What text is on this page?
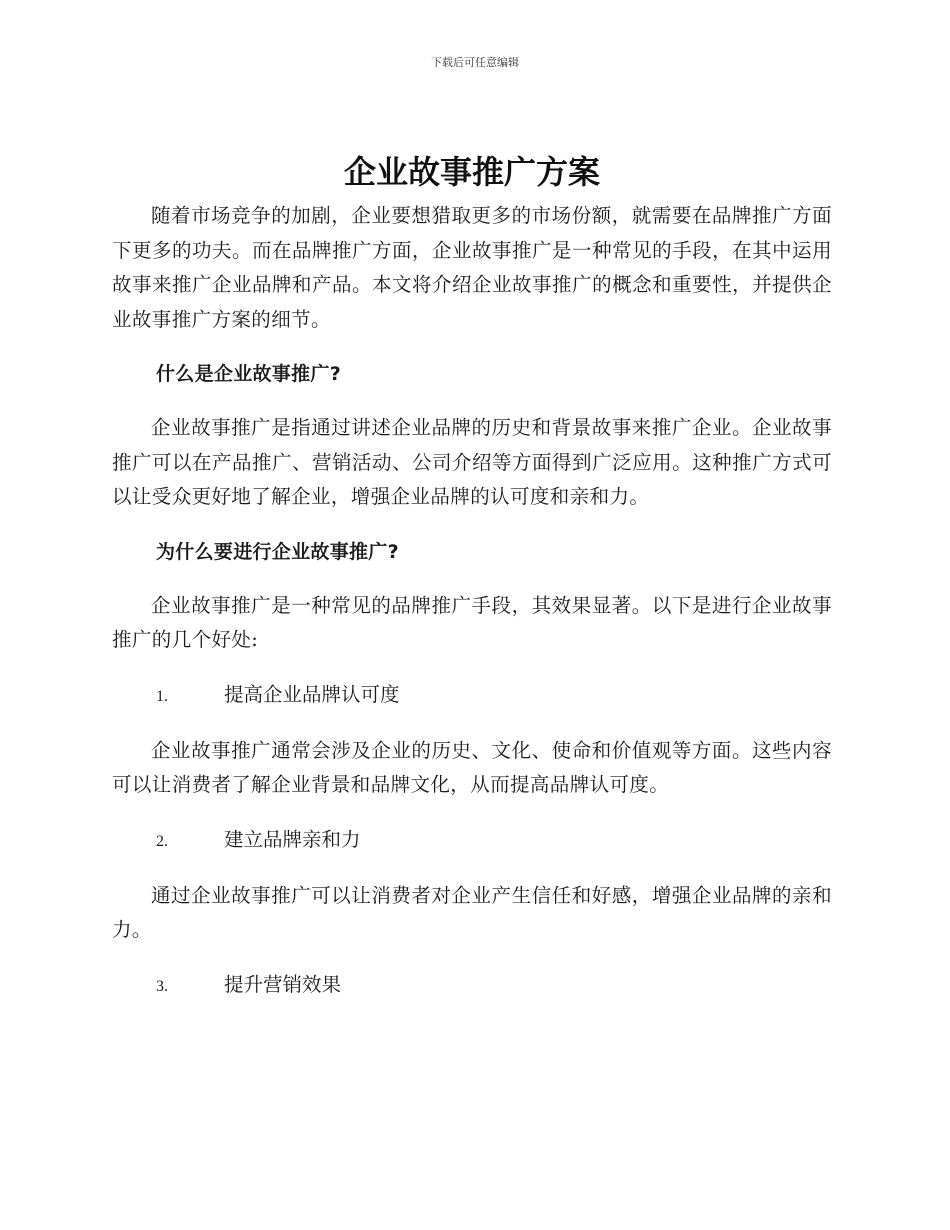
下载后可任意编辑
企业故事推广方案

随着市场竞争的加剧，企业要想猎取更多的市场份额，就需要在品牌推广方面下更多的功夫。而在品牌推广方面，企业故事推广是一种常见的手段，在其中运用故事来推广企业品牌和产品。本文将介绍企业故事推广的概念和重要性，并提供企业故事推广方案的细节。

什么是企业故事推广?

企业故事推广是指通过讲述企业品牌的历史和背景故事来推广企业。企业故事推广可以在产品推广、营销活动、公司介绍等方面得到广泛应用。这种推广方式可以让受众更好地了解企业，增强企业品牌的认可度和亲和力。

为什么要进行企业故事推广?

企业故事推广是一种常见的品牌推广手段，其效果显著。以下是进行企业故事推广的几个好处:

1.	提高企业品牌认可度

企业故事推广通常会涉及企业的历史、文化、使命和价值观等方面。这些内容可以让消费者了解企业背景和品牌文化，从而提高品牌认可度。

2.	建立品牌亲和力

通过企业故事推广可以让消费者对企业产生信任和好感，增强企业品牌的亲和力。

3.	提升营销效果
